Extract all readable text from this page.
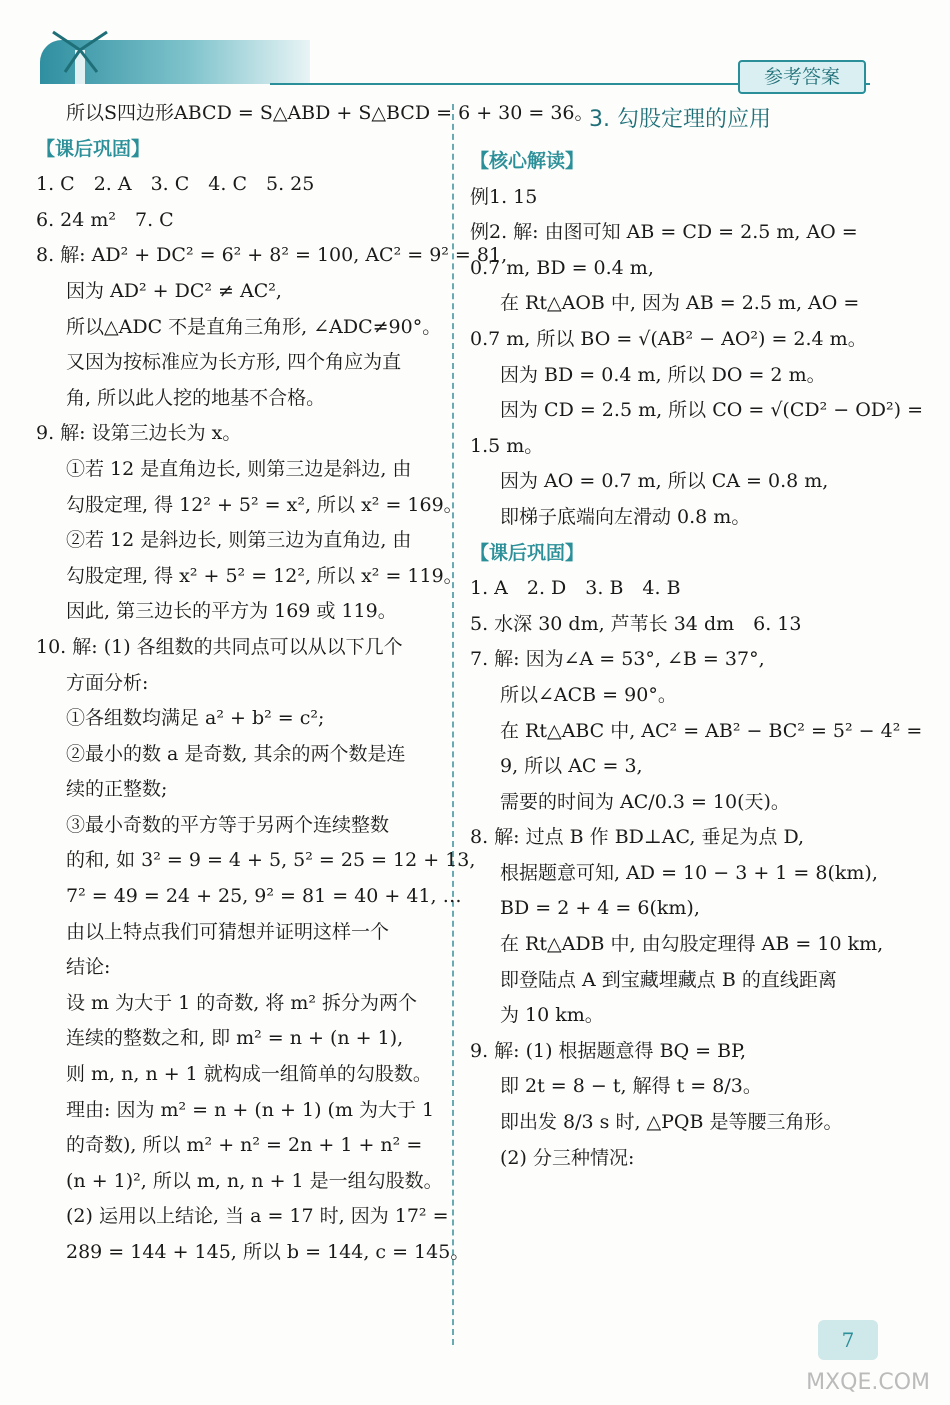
参考答案
所以S四边形ABCD = S△ABD + S△BCD = 6 + 30 = 36。
【课后巩固】
1. C　2. A　3. C　4. C　5. 25
6. 24 m²　7. C
8. 解: AD² + DC² = 6² + 8² = 100, AC² = 9² = 81,
因为 AD² + DC² ≠ AC²,
所以△ADC 不是直角三角形, ∠ADC≠90°。
又因为按标准应为长方形, 四个角应为直
角, 所以此人挖的地基不合格。
9. 解: 设第三边长为 x。
①若 12 是直角边长, 则第三边是斜边, 由
勾股定理, 得 12² + 5² = x², 所以 x² = 169。
②若 12 是斜边长, 则第三边为直角边, 由
勾股定理, 得 x² + 5² = 12², 所以 x² = 119。
因此, 第三边长的平方为 169 或 119。
10. 解: (1) 各组数的共同点可以从以下几个
方面分析:
①各组数均满足 a² + b² = c²;
②最小的数 a 是奇数, 其余的两个数是连
续的正整数;
③最小奇数的平方等于另两个连续整数
的和, 如 3² = 9 = 4 + 5, 5² = 25 = 12 + 13,
7² = 49 = 24 + 25, 9² = 81 = 40 + 41, …
由以上特点我们可猜想并证明这样一个
结论:
设 m 为大于 1 的奇数, 将 m² 拆分为两个
连续的整数之和, 即 m² = n + (n + 1),
则 m, n, n + 1 就构成一组简单的勾股数。
理由: 因为 m² = n + (n + 1) (m 为大于 1
的奇数), 所以 m² + n² = 2n + 1 + n² =
(n + 1)², 所以 m, n, n + 1 是一组勾股数。
(2) 运用以上结论, 当 a = 17 时, 因为 17² =
289 = 144 + 145, 所以 b = 144, c = 145。
3. 勾股定理的应用
【核心解读】
例1. 15
例2. 解: 由图可知 AB = CD = 2.5 m, AO =
0.7 m, BD = 0.4 m,
在 Rt△AOB 中, 因为 AB = 2.5 m, AO =
0.7 m, 所以 BO = √(AB² − AO²) = 2.4 m。
因为 BD = 0.4 m, 所以 DO = 2 m。
因为 CD = 2.5 m, 所以 CO = √(CD² − OD²) =
1.5 m。
因为 AO = 0.7 m, 所以 CA = 0.8 m,
即梯子底端向左滑动 0.8 m。
【课后巩固】
1. A　2. D　3. B　4. B
5. 水深 30 dm, 芦苇长 34 dm　6. 13
7. 解: 因为∠A = 53°, ∠B = 37°,
所以∠ACB = 90°。
在 Rt△ABC 中, AC² = AB² − BC² = 5² − 4² =
9, 所以 AC = 3,
需要的时间为 AC/0.3 = 10(天)。
8. 解: 过点 B 作 BD⊥AC, 垂足为点 D,
根据题意可知, AD = 10 − 3 + 1 = 8(km),
BD = 2 + 4 = 6(km),
在 Rt△ADB 中, 由勾股定理得 AB = 10 km,
即登陆点 A 到宝藏埋藏点 B 的直线距离
为 10 km。
9. 解: (1) 根据题意得 BQ = BP,
即 2t = 8 − t, 解得 t = 8/3。
即出发 8/3 s 时, △PQB 是等腰三角形。
(2) 分三种情况:
7
MXQE.COM
